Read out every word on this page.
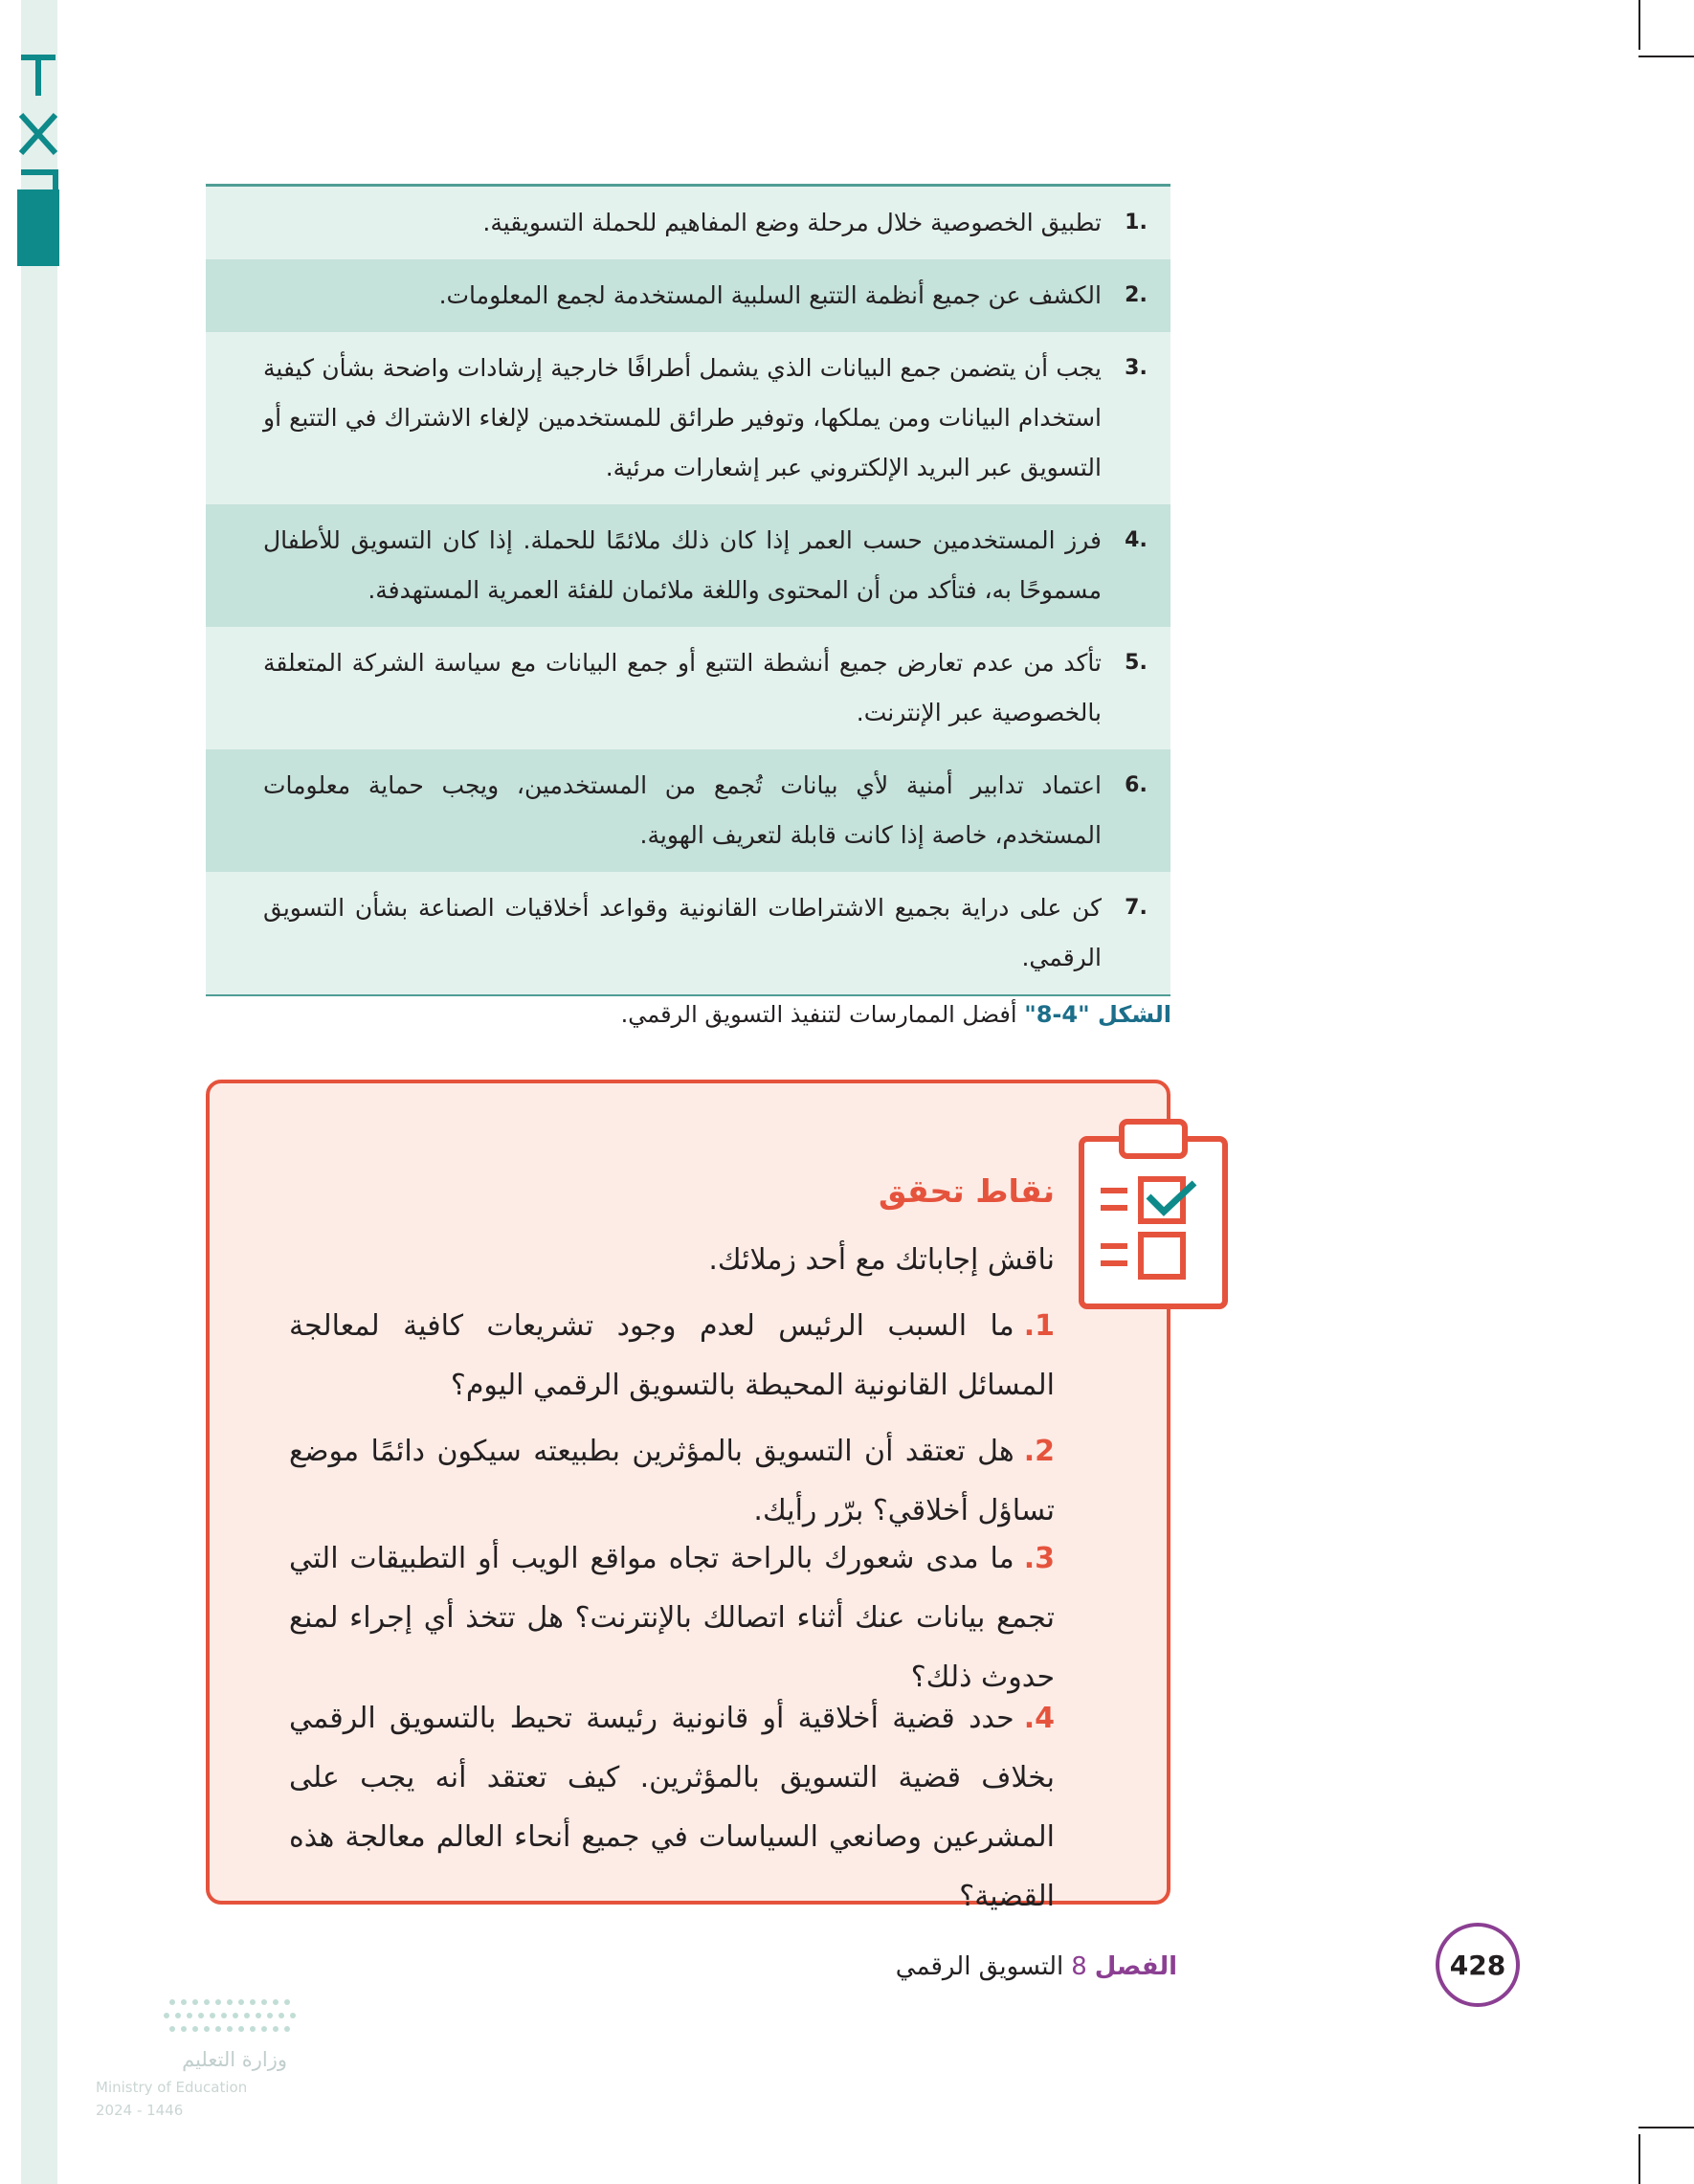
1.
تطبيق الخصوصية خلال مرحلة وضع المفاهيم للحملة التسويقية.
2.
الكشف عن جميع أنظمة التتبع السلبية المستخدمة لجمع المعلومات.
3.
يجب أن يتضمن جمع البيانات الذي يشمل أطرافًا خارجية إرشادات واضحة بشأن كيفية استخدام البيانات ومن يملكها، وتوفير طرائق للمستخدمين لإلغاء الاشتراك في التتبع أو التسويق عبر البريد الإلكتروني عبر إشعارات مرئية.
4.
فرز المستخدمين حسب العمر إذا كان ذلك ملائمًا للحملة. إذا كان التسويق للأطفال مسموحًا به، فتأكد من أن المحتوى واللغة ملائمان للفئة العمرية المستهدفة.
5.
تأكد من عدم تعارض جميع أنشطة التتبع أو جمع البيانات مع سياسة الشركة المتعلقة بالخصوصية عبر الإنترنت.
6.
اعتماد تدابير أمنية لأي بيانات تُجمع من المستخدمين، ويجب حماية معلومات المستخدم، خاصة إذا كانت قابلة لتعريف الهوية.
7.
كن على دراية بجميع الاشتراطات القانونية وقواعد أخلاقيات الصناعة بشأن التسويق الرقمي.
الشكل "4-8" أفضل الممارسات لتنفيذ التسويق الرقمي.
نقاط تحقق
ناقش إجاباتك مع أحد زملائك.
1.ما السبب الرئيس لعدم وجود تشريعات كافية لمعالجة المسائل القانونية المحيطة بالتسويق الرقمي اليوم؟
2.هل تعتقد أن التسويق بالمؤثرين بطبيعته سيكون دائمًا موضع تساؤل أخلاقي؟ برّر رأيك.
3.ما مدى شعورك بالراحة تجاه مواقع الويب أو التطبيقات التي تجمع بيانات عنك أثناء اتصالك بالإنترنت؟ هل تتخذ أي إجراء لمنع حدوث ذلك؟
4.حدد قضية أخلاقية أو قانونية رئيسة تحيط بالتسويق الرقمي بخلاف قضية التسويق بالمؤثرين. كيف تعتقد أنه يجب على المشرعين وصانعي السياسات في جميع أنحاء العالم معالجة هذه القضية؟
428
الفصل8التسويق الرقمي
وزارة التعليم
Ministry of Education
2024 - 1446
